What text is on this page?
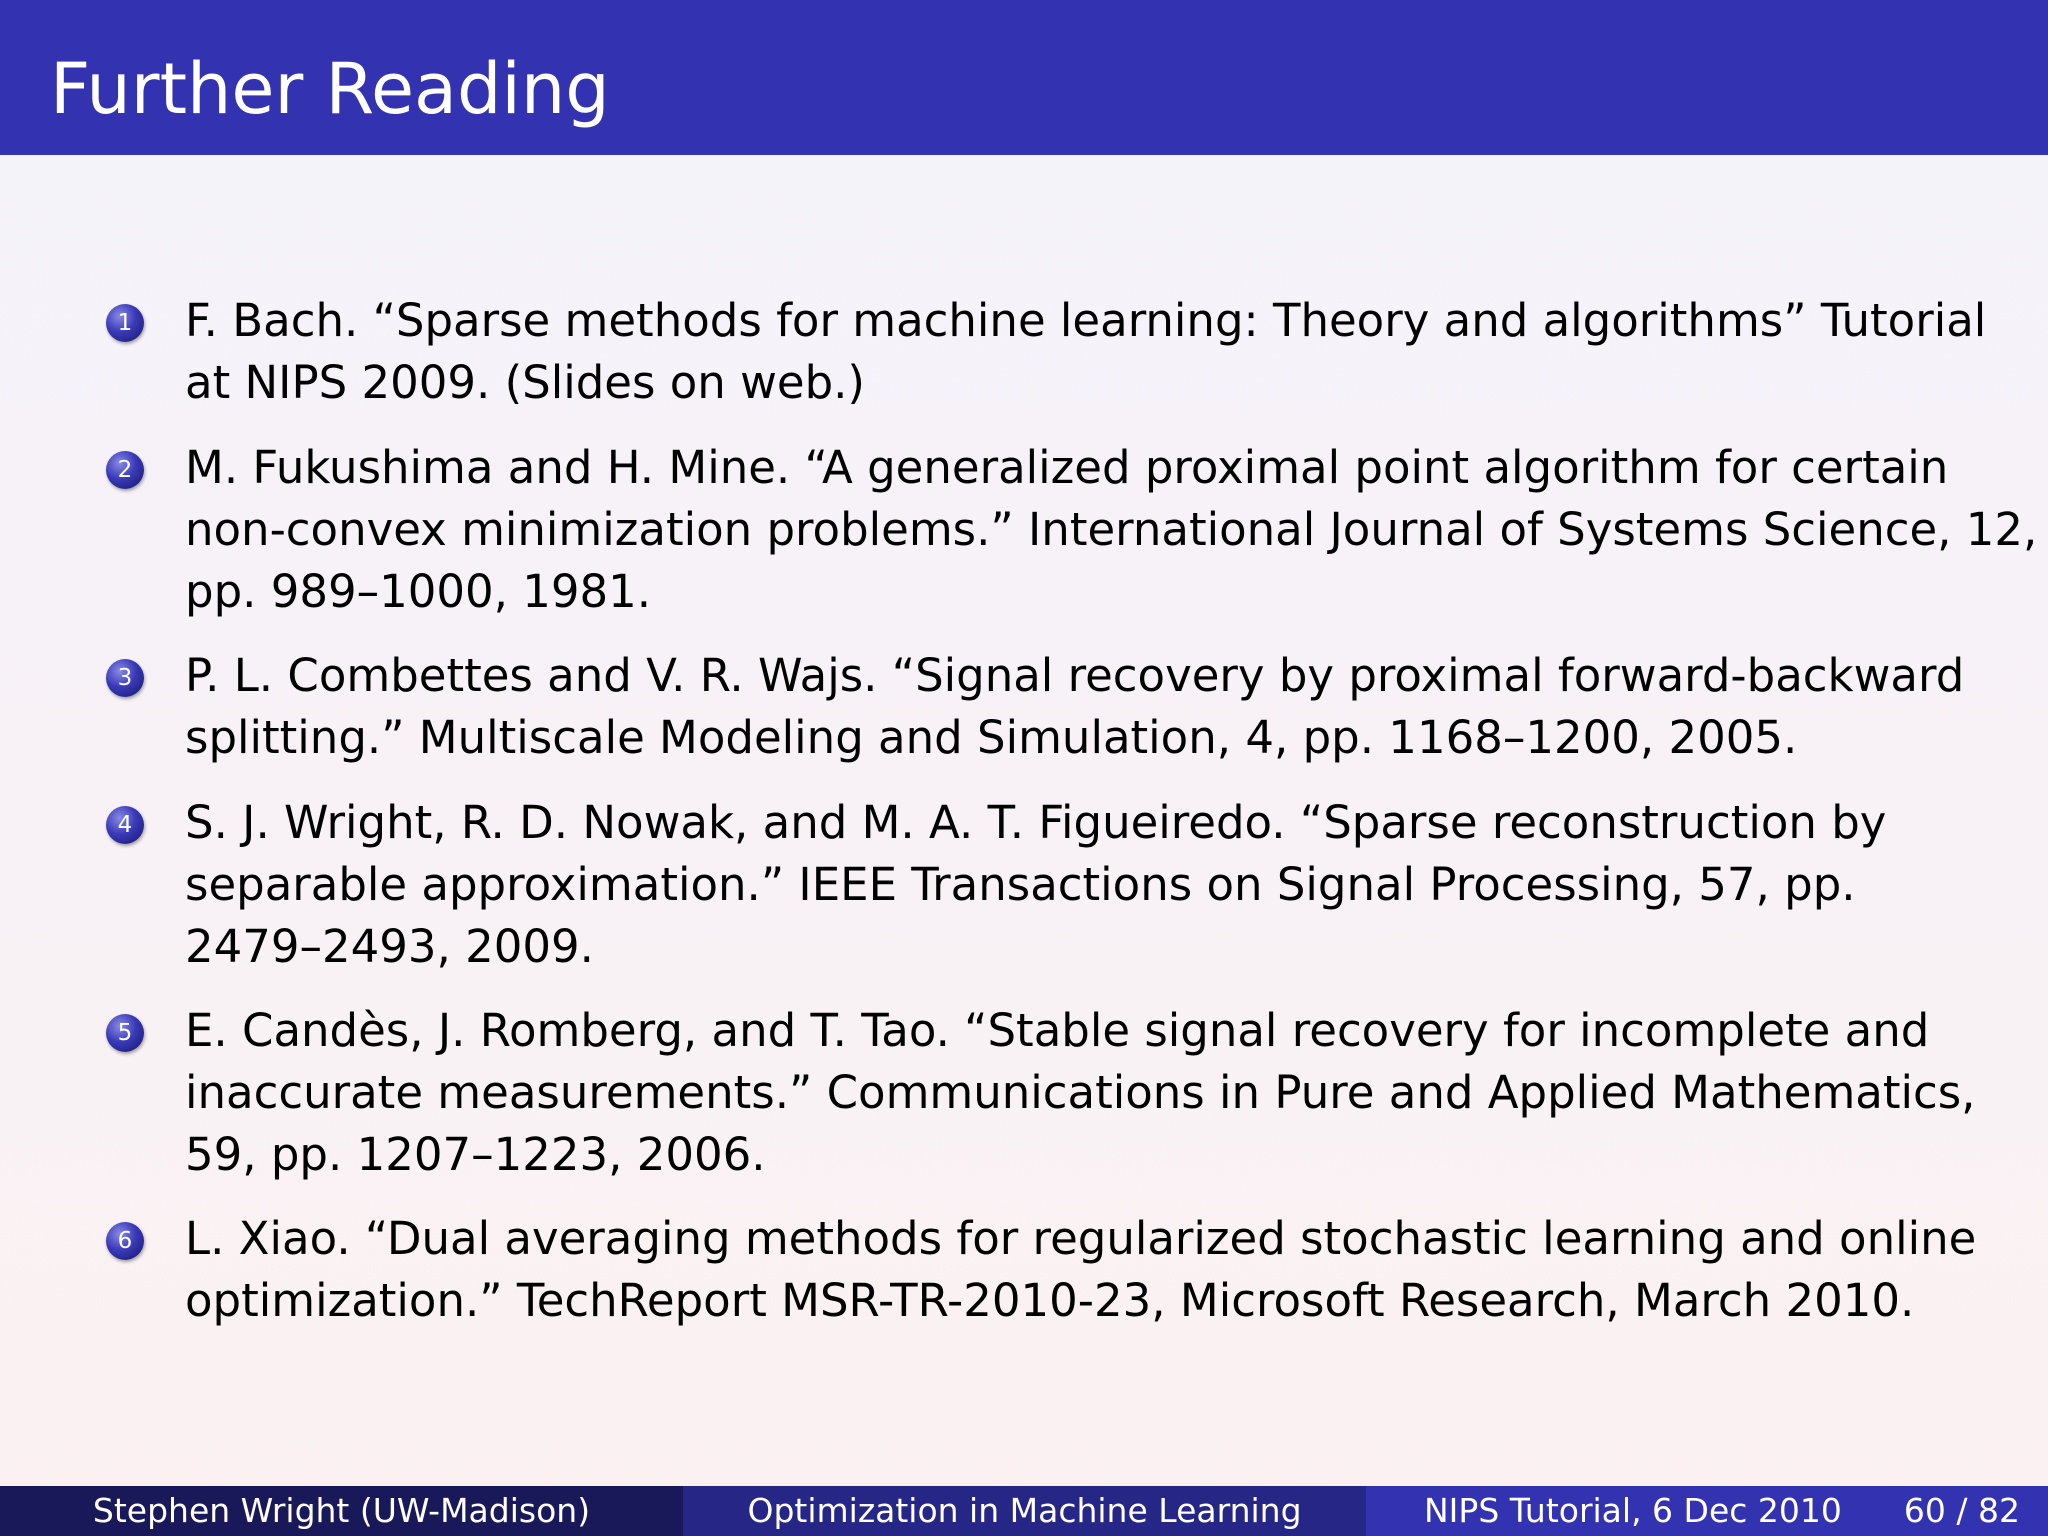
Further Reading
1 F. Bach. “Sparse methods for machine learning: Theory and algorithms” Tutorial
at NIPS 2009. (Slides on web.)
2 M. Fukushima and H. Mine. “A generalized proximal point algorithm for certain
non-convex minimization problems.” International Journal of Systems Science, 12,
pp. 989–1000, 1981.
3 P. L. Combettes and V. R. Wajs. “Signal recovery by proximal forward-backward
splitting.” Multiscale Modeling and Simulation, 4, pp. 1168–1200, 2005.
4 S. J. Wright, R. D. Nowak, and M. A. T. Figueiredo. “Sparse reconstruction by
separable approximation.” IEEE Transactions on Signal Processing, 57, pp.
2479–2493, 2009.
5 E. Candès, J. Romberg, and T. Tao. “Stable signal recovery for incomplete and
inaccurate measurements.” Communications in Pure and Applied Mathematics,
59, pp. 1207–1223, 2006.
6 L. Xiao. “Dual averaging methods for regularized stochastic learning and online
optimization.” TechReport MSR-TR-2010-23, Microsoft Research, March 2010.
Stephen Wright (UW-Madison)	Optimization in Machine Learning	NIPS Tutorial, 6 Dec 2010 60 / 82
